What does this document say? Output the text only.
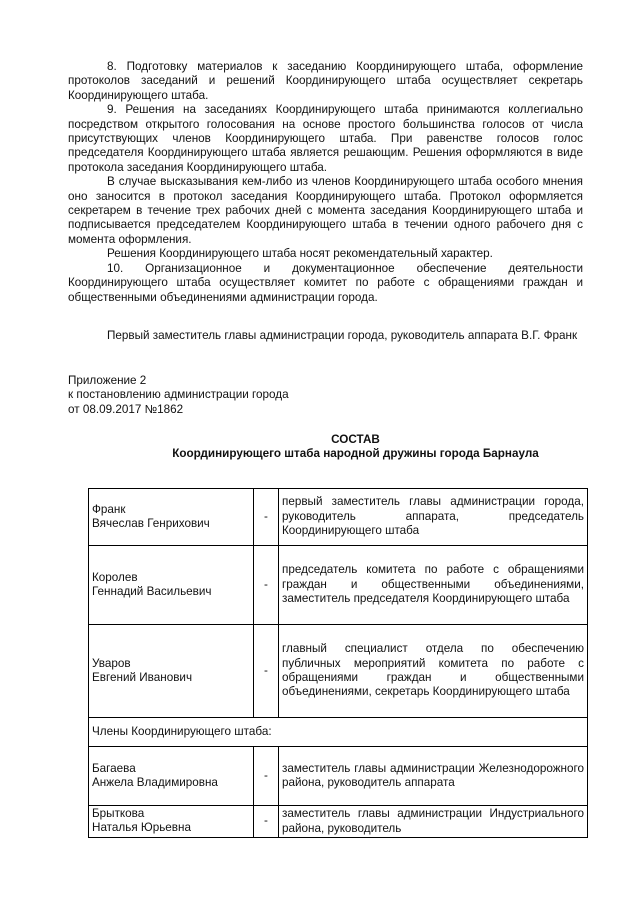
8. Подготовку материалов к заседанию Координирующего штаба, оформление протоколов заседаний и решений Координирующего штаба осуществляет секретарь Координирующего штаба.

9. Решения на заседаниях Координирующего штаба принимаются коллегиально посредством открытого голосования на основе простого большинства голосов от числа присутствующих членов Координирующего штаба. При равенстве голосов голос председателя Координирующего штаба является решающим. Решения оформляются в виде протокола заседания Координирующего штаба.

В случае высказывания кем-либо из членов Координирующего штаба особого мнения оно заносится в протокол заседания Координирующего штаба. Протокол оформляется секретарем в течение трех рабочих дней с момента заседания Координирующего штаба и подписывается председателем Координирующего штаба в течении одного рабочего дня с момента оформления.

Решения Координирующего штаба носят рекомендательный характер.

10. Организационное и документационное обеспечение деятельности Координирующего штаба осуществляет комитет по работе с обращениями граждан и общественными объединениями администрации города.

Первый заместитель главы администрации города, руководитель аппарата В.Г. Франк

Приложение 2
к постановлению администрации города
от 08.09.2017 №1862
СОСТАВ
Координирующего штаба народной дружины города Барнаула
Франк
Вячеслав Генрихович	-	первый заместитель главы администрации города, руководитель аппарата, председатель Координирующего штаба

Королев
Геннадий Васильевич	-	председатель комитета по работе с обращениями граждан и общественными объединениями, заместитель председателя Координирующего штаба

Уваров
Евгений Иванович	-	главный специалист отдела по обеспечению публичных мероприятий комитета по работе с обращениями граждан и общественными объединениями, секретарь Координирующего штаба
Члены Координирующего штаба:		

Багаева
Анжела Владимировна	-	заместитель главы администрации Железнодорожного района, руководитель аппарата

Брыткова
Наталья Юрьевна	-	заместитель главы администрации Индустриального района, руководитель
